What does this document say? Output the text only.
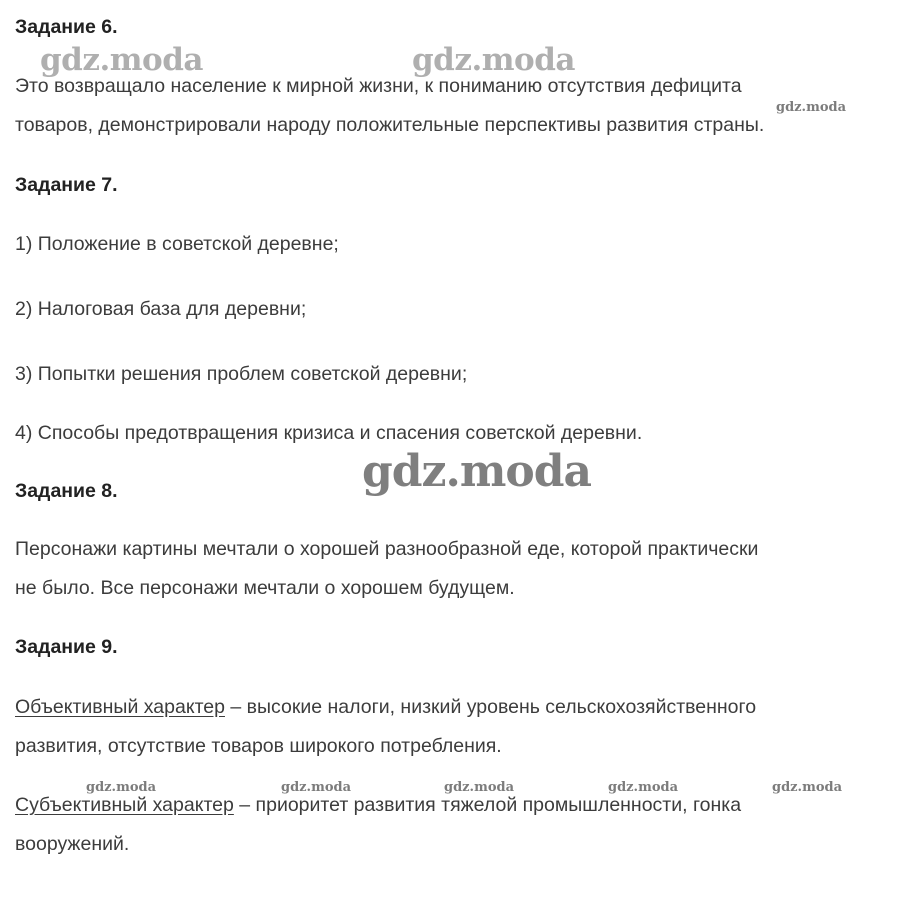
Задание 6.

Это возвращало население к мирной жизни, к пониманию отсутствия дефицита
товаров, демонстрировали народу положительные перспективы развития страны.

Задание 7.

1) Положение в советской деревне;

2) Налоговая база для деревни;

3) Попытки решения проблем советской деревни;

4) Способы предотвращения кризиса и спасения советской деревни.

Задание 8.

Персонажи картины мечтали о хорошей разнообразной еде, которой практически
не было. Все персонажи мечтали о хорошем будущем.

Задание 9.

Объективный характер – высокие налоги, низкий уровень сельскохозяйственного
развития, отсутствие товаров широкого потребления.

Субъективный характер – приоритет развития тяжелой промышленности, гонка
вооружений.

gdz.moda	gdz.moda
gdz.moda
gdz.moda
gdz.moda	gdz.moda	gdz.moda	gdz.moda	gdz.moda
